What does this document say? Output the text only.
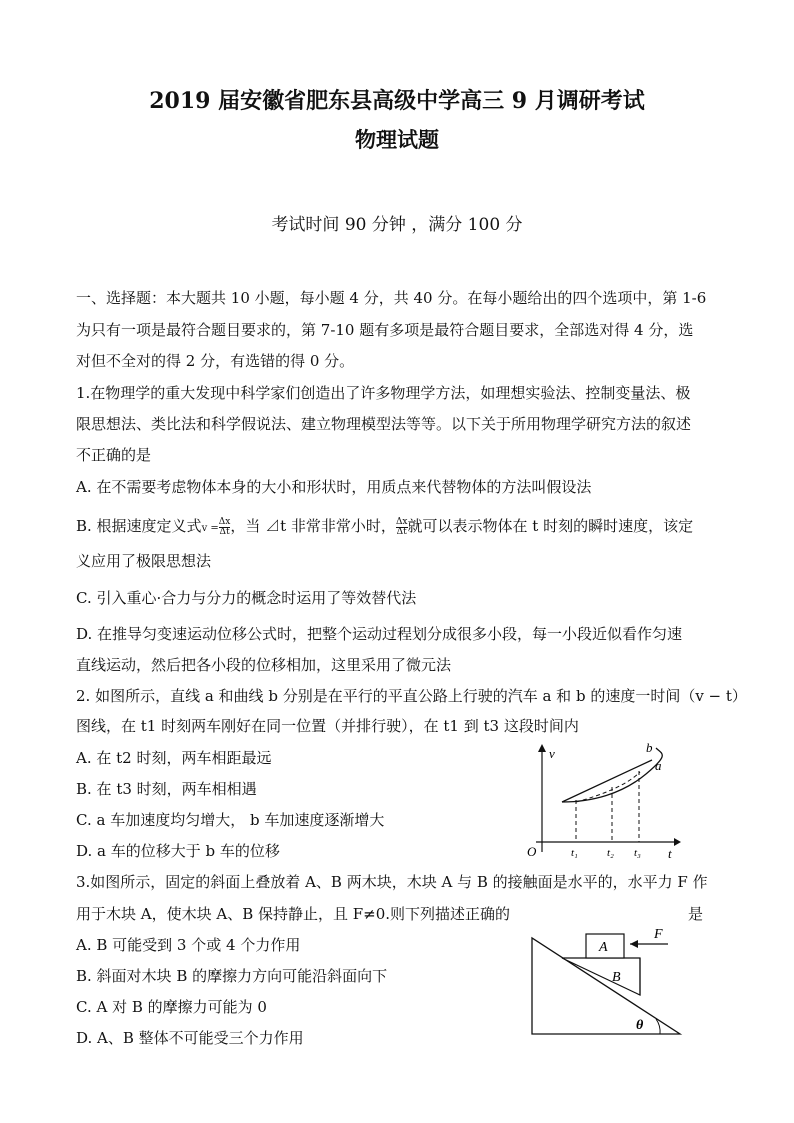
2019 届安徽省肥东县高级中学高三 9 月调研考试
物理试题
考试时间 90 分钟 ，满分 100 分
一、选择题：本大题共 10 小题，每小题 4 分，共 40 分。在每小题给出的四个选项中，第 1-6
为只有一项是最符合题目要求的，第 7-10 题有多项是最符合题目要求，全部选对得 4 分，选
对但不全对的得 2 分，有选错的得 0 分。
1.在物理学的重大发现中科学家们创造出了许多物理学方法，如理想实验法、控制变量法、极
限思想法、类比法和科学假说法、建立物理模型法等等。以下关于所用物理学研究方法的叙述
不正确的是
A. 在不需要考虑物体本身的大小和形状时，用质点来代替物体的方法叫假设法
B. 根据速度定义式$v = \frac{\Delta x}{\Delta t}$ ，当 ⊿t 非常非常小时， $\frac{\Delta x}{\Delta t}$ 就可以表示物体在 t 时刻的瞬时速度，该定
义应用了极限思想法
C. 引入重心·合力与分力的概念时运用了等效替代法
D. 在推导匀变速运动位移公式时，把整个运动过程划分成很多小段，每一小段近似看作匀速
直线运动，然后把各小段的位移相加，这里采用了微元法
2. 如图所示，直线 a 和曲线 b 分别是在平行的平直公路上行驶的汽车 a 和 b 的速度一时间（v − t）
图线，在 t1 时刻两车刚好在同一位置（并排行驶），在 t1 到 t3 这段时间内
A. 在 t2 时刻，两车相距最远
B. 在 t3 时刻，两车相相遇
C. a 车加速度均匀增大， b 车加速度逐渐增大
D. a 车的位移大于 b 车的位移
v
t
O
a
b
t₁	t₂ t₃
3.如图所示，固定的斜面上叠放着 A、B 两木块，木块 A 与 B 的接触面是水平的，水平力 F 作
用于木块 A，使木块 A、B 保持静止，且 F≠0.则下列描述正确的	是
A. B 可能受到 3 个或 4 个力作用
B. 斜面对木块 B 的摩擦力方向可能沿斜面向下
C. A 对 B 的摩擦力可能为 0
D. A、B 整体不可能受三个力作用
A
B
F
θ
